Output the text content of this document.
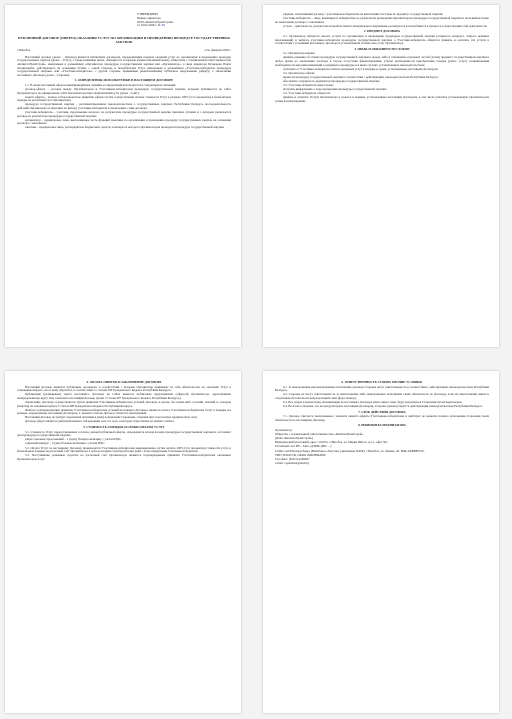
УТВЕРЖДЕНО
Приказ директора
ООО «КапиталУрамСтрой»
от 19.02.2026 г. № 15
ПУБЛИЧНЫЙ ДОГОВОР (ОФЕРТА) ОКАЗАНИЯ УСЛУГ ПО ОРГАНИЗАЦИИ И ПРОВЕДЕНИЮ ПРОЦЕДУР ГОСУДАРСТВЕННЫХ ЗАКУПОК
г. Витебск	«19» февраля 2026 г.

Настоящий договор (далее – Договор) является публичным договором, определяющим порядок оказания услуг по организации и проведению процедур государственных закупок (далее – Услуг), а также взаимные права, обязанности и порядок взаимоотношений между обществом с ограниченной ответственностью «КапиталУрамСтрой», именуемым в дальнейшем «Организатор процедуры государственной закупки или «Организатор», в лице директора Кузнецова Павла Леонидовича, действующего на основании Устава, с одной стороны, и потребителем Услуг, именуемым в дальнейшем «Участник-победитель процедуры государственной закупки» или «Участник-победитель», с другой стороны, принявшим (акцептовавшим) публичное предложение (оферту) о заключении настоящего Договора (далее – Стороны).

1. ОПРЕДЕЛЕНИЯ, ИСПОЛЬЗУЕМЫЕ В НАСТОЯЩЕМ ДОГОВОРЕ

1.1. В целях настоящей оферты нижеприведённые термины и определения используются в следующем их значении:

договор-оферта – договор между Организатором и Участником-победителем процедуры государственной закупки, который публикуется на сайте Организатора и на официальном сайте Организатора https://kapitaluramstroy.by (далее – Сайт);

акцепт оферты – полное и безоговорочное принятие оферты путем осуществления оплаты стоимости Услуг в размере 100% (Сто процентов) в безналичном порядке на расчетный счет Организатора;

процедура государственной закупки – регламентированная законодательством о государственных закупках Республики Беларусь последовательность действий Организатора и заказчика по выбору участника-победителя и заключению с ним договора;

участник-победитель – участник, предложение которого по результатам процедуры государственной закупки признано лучшим и с которым заключается договор по результатам процедуры государственной закупки;

организатор – юридическое лицо, выполняющее часть функций заказчика по организации и проведению процедур государственных закупок на основании договора с заказчиком;

заказчик – юридическое лицо, распорядитель бюджетных средств, в интересах которого Организатором проводится процедура государственной закупки.

закупки, заключивший договор с участником-победителем на выполнение поставок по предмету государственной закупки;

участник-победитель – лицо, являющееся победителем по результатам проведения Организатором процедуры государственной закупки и получившее право на заключение договора с заказчиком;

услуги – деятельность, результаты которой не имеют материального выражения, реализуются и потребляются в процессе осуществления этой деятельности.

2. ПРЕДМЕТ ДОГОВОРА

2.1. Организатор обязуется оказать услуги по организации и проведению процедуры государственной закупки (открытого конкурса, запроса ценовых предложений) и выбрать участника-победителя процедуры государственной закупки, а Участник-победитель обязуется принять и оплатить эти услуги в соответствии с условиями настоящего Договора и установленной стоимостью услуг Организатора.

3. ПРАВА И ОБЯЗАННОСТИ СТОРОН

3.1. Организатор вправе:

принять решение об отмене процедуры государственной закупки в целом, либо в отношении отдельных частей (лотов) предмета государственной закупки в любое время до заключения договора в случае отсутствия финансирования, утраты необходимости приобретения товаров (работ, услуг), возникновения необходимости внесения изменений в документы процедуры и в иных случаях, установленных законодательством;

требовать от Участника-победителя оплаты оказанных услуг в порядке и сроки, установленные настоящим Договором;

3.2. Организатор обязан:

провести процедуру государственной закупки в соответствии с действующим законодательством Республики Беларусь;

обеспечить сохранность документов процедуры государственной закупки;

3.3. Участник-победитель имеет право:

получить информацию о ходе проведения процедуры государственной закупки;

3.4. Участник-победитель обязуется:

принять и оплатить Услуги Организатора в сроки и в порядке, установленные настоящим Договором, в том числе уплатить установленную Организатором сумму вознаграждения.

4. ОПЛАТА ОФЕРТЫ И ЗАКЛЮЧЕНИЕ ДОГОВОРА

Настоящий Договор является публичным договором, в соответствии с которым Организатор принимает на себя обязательство по оказанию Услуг в отношении каждого, кто к нему обратится, в соответствии со статьей 396 Гражданского Кодекса Республики Беларусь.

Публикация (размещение) текста настоящего Договора на Сайте является публичным предложением (офертой) Организатора, адресованным неопределенному кругу лиц, заключить настоящий Договор (пункт 2 статьи 407 Гражданского Кодекса Республики Беларусь).

Заключение Договора осуществляется путем принятия Участником-победителем условий Договора в целом, без каких-либо условий, изъятий и оговорок (акцепта) на основании пункта 3 статьи 408 Гражданского Кодекса Республики Беларусь.

Фактом, подтверждающим принятие Участником-победителем условий настоящего Договора, является оплата Участником-победителем Услуг в порядке и в размере, определенных настоящим Договором. С момента оплаты Договор считается заключенным.

Настоящий Договор не требует скрепления печатями и (или) подписания Сторонами, сохраняя при этом полную юридическую силу.

Договор оферта является действительным в той редакции и на тот срок, в котором существовал на момент оплаты.

5. СТОИМОСТЬ, ПОРЯДОК И СРОКИ ОПЛАТЫ УСЛУГ

5.1. Стоимость Услуг, предоставляемых согласно данной публичной оферты, определяется исходя из вида процедуры государственной закупки и составляет для процедуры государственной закупки:

запрос ценовых предложений – 1 (одну) базовую величину с учетом НДС;

открытый конкурс – 2 (две) базовые величины с учетом НДС.

5.2. Оплата Услуг по настоящему Договору производится Участником-победителем единовременно, путем оплаты 100% (Сто процентов) стоимости услуг, в безналичном порядке на расчетный счет Организатора в срок не позднее 5 (пяти) рабочих дней с даты определения Участника-победителя.

5.3. Поступившие денежные средства на расчетный счет Организатора являются подтверждением принятия Участником-победителем оказанных Организатором услуг.

6. ОТВЕТСТВЕННОСТЬ СТОРОН. ПРОЧИЕ УСЛОВИЯ.

6.1. За неисполнение или ненадлежащее исполнение договора Стороны несут ответственность в соответствии с действующим законодательством Республики Беларусь.

6.2. Стороны не несут ответственность за неисполнение либо ненадлежащее исполнение своих обязательств по Договору, если их неисполнение явилось следствием обстоятельств непреодолимой силы (форс-мажор).

6.3. Все споры и разногласия, возникающие из настоящего Договора или в связи с ним, будут разрешаться Сторонами путем переговоров.

6.4. Во всем остальном, что не предусмотрено настоящим Договором, Стороны руководствуются действующим законодательством Республики Беларусь.

7. СРОК ДЕЙСТВИЯ ДОГОВОРА

7.1. Договор считается заключенным с момента акцепта оферты Участником-победителем и действует до момента полного исполнения сторонами своих обязательств по настоящему Договору.

8. РЕКВИЗИТЫ ОРГАНИЗАТОРА

Организатор:

Общество с ограниченной ответственностью «КапиталУрамСтрой»

(ООО «КапиталУрамСтрой»)

Юридический (почтовый) адрес: 210015, г. Витебск, ул. Марии Шагал, д.2-1, офис 501.

Расчетный счет BY... ЗАО «ДЭБИ» (BIC ...)

в ОАО «АСБ Беларусбанк» (Витебское областное управление №200), г. Витебск, ул. Ленина, 20, БИК AKBBBY2X.

УНП 391443736, ОКПО 299028902000.

Тел./факс: (8-0212) 669697

e-mail: capitalural@mail.by
